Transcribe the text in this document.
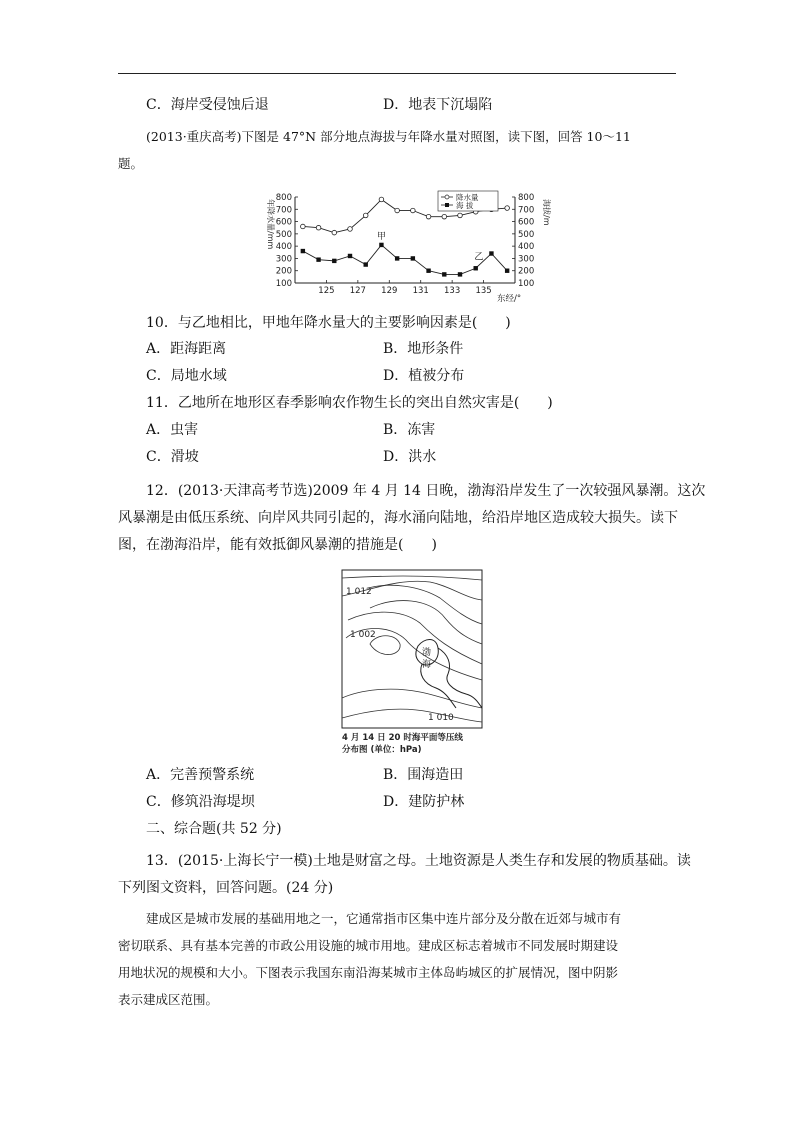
C．海岸受侵蚀后退	D．地表下沉塌陷
(2013·重庆高考)下图是 47°N 部分地点海拔与年降水量对照图，读下图，回答 10～11
题。
800	800
700	700
600	600
500	500
400	400
300	300
200	200
100	100
125 127 129 131 133 135
甲
乙
降水量
海 拔
年降水量/mm	海拔/m
东经/°
10．与乙地相比，甲地年降水量大的主要影响因素是(　　)
A．距海距离	B．地形条件
C．局地水域	D．植被分布
11．乙地所在地形区春季影响农作物生长的突出自然灾害是(　　)
A．虫害	B．冻害
C．滑坡	D．洪水
12．(2013·天津高考节选)2009 年 4 月 14 日晚，渤海沿岸发生了一次较强风暴潮。这次
风暴潮是由低压系统、向岸风共同引起的，海水涌向陆地，给沿岸地区造成较大损失。读下
图，在渤海沿岸，能有效抵御风暴潮的措施是(　　)
1 012
1 002
1 010
渤
海
4 月 14 日 20 时海平面等压线
分布图 (单位：hPa)
A．完善预警系统	B．围海造田
C．修筑沿海堤坝	D．建防护林
二、综合题(共 52 分)
13．(2015·上海长宁一模)土地是财富之母。土地资源是人类生存和发展的物质基础。读
下列图文资料，回答问题。(24 分)
建成区是城市发展的基础用地之一，它通常指市区集中连片部分及分散在近郊与城市有
密切联系、具有基本完善的市政公用设施的城市用地。建成区标志着城市不同发展时期建设
用地状况的规模和大小。下图表示我国东南沿海某城市主体岛屿城区的扩展情况，图中阴影
表示建成区范围。
